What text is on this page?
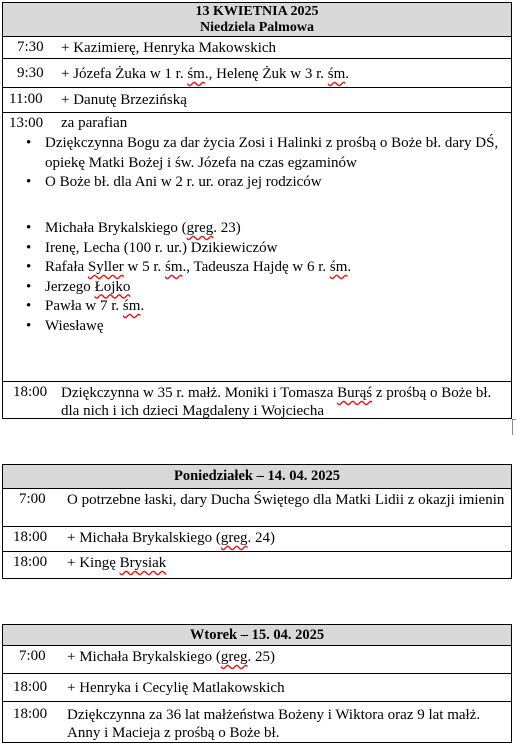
13 KWIETNIA 2025
Niedziela Palmowa
7:30 + Kazimierę, Henryka Makowskich
9:30 + Józefa Żuka w 1 r. śm., Helenę Żuk w 3 r. śm.
11:00 + Danutę Brzezińską
13:00 za parafian
• Dziękczynna Bogu za dar życia Zosi i Halinki z prośbą o Boże bł. dary DŚ, opiekę Matki Bożej i św. Józefa na czas egzaminów
• O Boże bł. dla Ani w 2 r. ur. oraz jej rodziców
• Michała Brykalskiego (greg. 23)
• Irenę, Lecha (100 r. ur.) Dzikiewiczów
• Rafała Syller w 5 r. śm., Tadeusza Hajdę w 6 r. śm.
• Jerzego Łojko
• Pawła w 7 r. śm.
• Wiesławę
18:00 Dziękczynna w 35 r. małż. Moniki i Tomasza Burąś z prośbą o Boże bł. dla nich i ich dzieci Magdaleny i Wojciecha
Poniedziałek – 14. 04. 2025
7:00 O potrzebne łaski, dary Ducha Świętego dla Matki Lidii z okazji imienin
18:00 + Michała Brykalskiego (greg. 24)
18:00 + Kingę Brysiak
Wtorek – 15. 04. 2025
7:00 + Michała Brykalskiego (greg. 25)
18:00 + Henryka i Cecylię Matlakowskich
18:00 Dziękczynna za 36 lat małżeństwa Bożeny i Wiktora oraz 9 lat małż. Anny i Macieja z prośbą o Boże bł.
